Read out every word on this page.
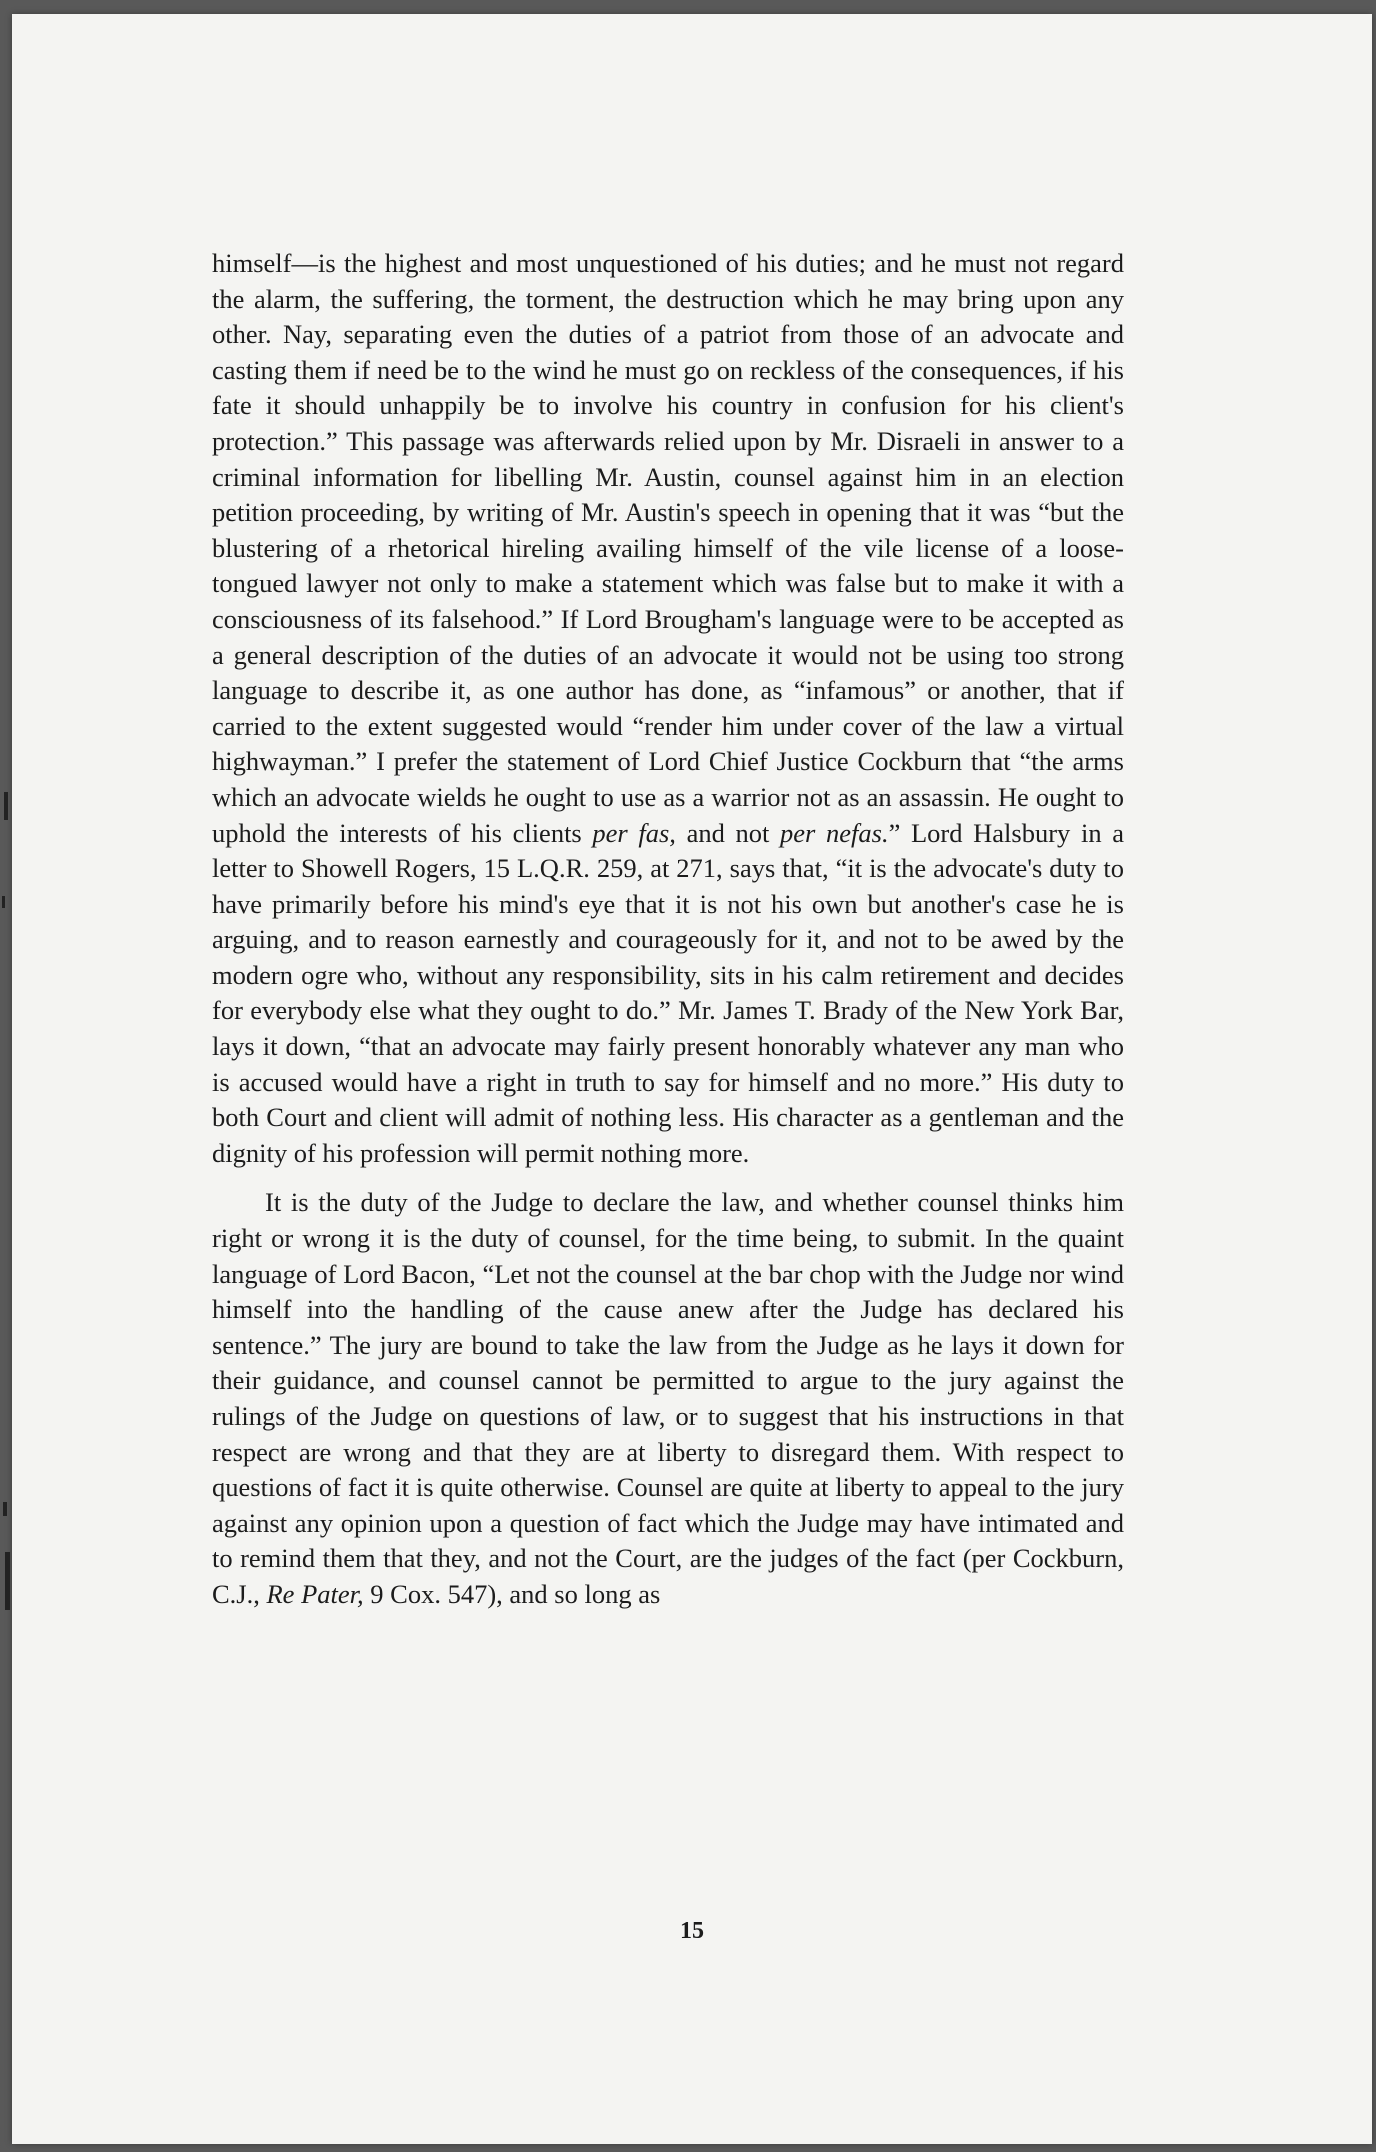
himself—is the highest and most unquestioned of his duties; and he must not regard the alarm, the suffering, the torment, the destruction which he may bring upon any other. Nay, separating even the duties of a patriot from those of an advocate and casting them if need be to the wind he must go on reckless of the consequences, if his fate it should unhappily be to involve his country in confusion for his client's protection.” This passage was afterwards relied upon by Mr. Disraeli in answer to a criminal information for libelling Mr. Austin, counsel against him in an election petition proceeding, by writing of Mr. Austin's speech in opening that it was “but the blustering of a rhetorical hireling availing himself of the vile license of a loose-tongued lawyer not only to make a statement which was false but to make it with a consciousness of its falsehood.” If Lord Brougham's language were to be accepted as a general description of the duties of an advocate it would not be using too strong language to describe it, as one author has done, as “infamous” or another, that if carried to the extent suggested would “render him under cover of the law a virtual highwayman.” I prefer the statement of Lord Chief Justice Cockburn that “the arms which an advocate wields he ought to use as a warrior not as an assassin. He ought to uphold the interests of his clients per fas, and not per nefas.” Lord Halsbury in a letter to Showell Rogers, 15 L.Q.R. 259, at 271, says that, “it is the advocate's duty to have primarily before his mind's eye that it is not his own but another's case he is arguing, and to reason earnestly and courageously for it, and not to be awed by the modern ogre who, without any responsibility, sits in his calm retirement and decides for everybody else what they ought to do.” Mr. James T. Brady of the New York Bar, lays it down, “that an advocate may fairly present honorably whatever any man who is accused would have a right in truth to say for himself and no more.” His duty to both Court and client will admit of nothing less. His character as a gentleman and the dignity of his profession will permit nothing more.

It is the duty of the Judge to declare the law, and whether counsel thinks him right or wrong it is the duty of counsel, for the time being, to submit. In the quaint language of Lord Bacon, “Let not the counsel at the bar chop with the Judge nor wind himself into the handling of the cause anew after the Judge has declared his sentence.” The jury are bound to take the law from the Judge as he lays it down for their guidance, and counsel cannot be permitted to argue to the jury against the rulings of the Judge on questions of law, or to suggest that his instructions in that respect are wrong and that they are at liberty to disregard them. With respect to questions of fact it is quite otherwise. Counsel are quite at liberty to appeal to the jury against any opinion upon a question of fact which the Judge may have intimated and to remind them that they, and not the Court, are the judges of the fact (per Cockburn, C.J., Re Pater, 9 Cox. 547), and so long as

15
